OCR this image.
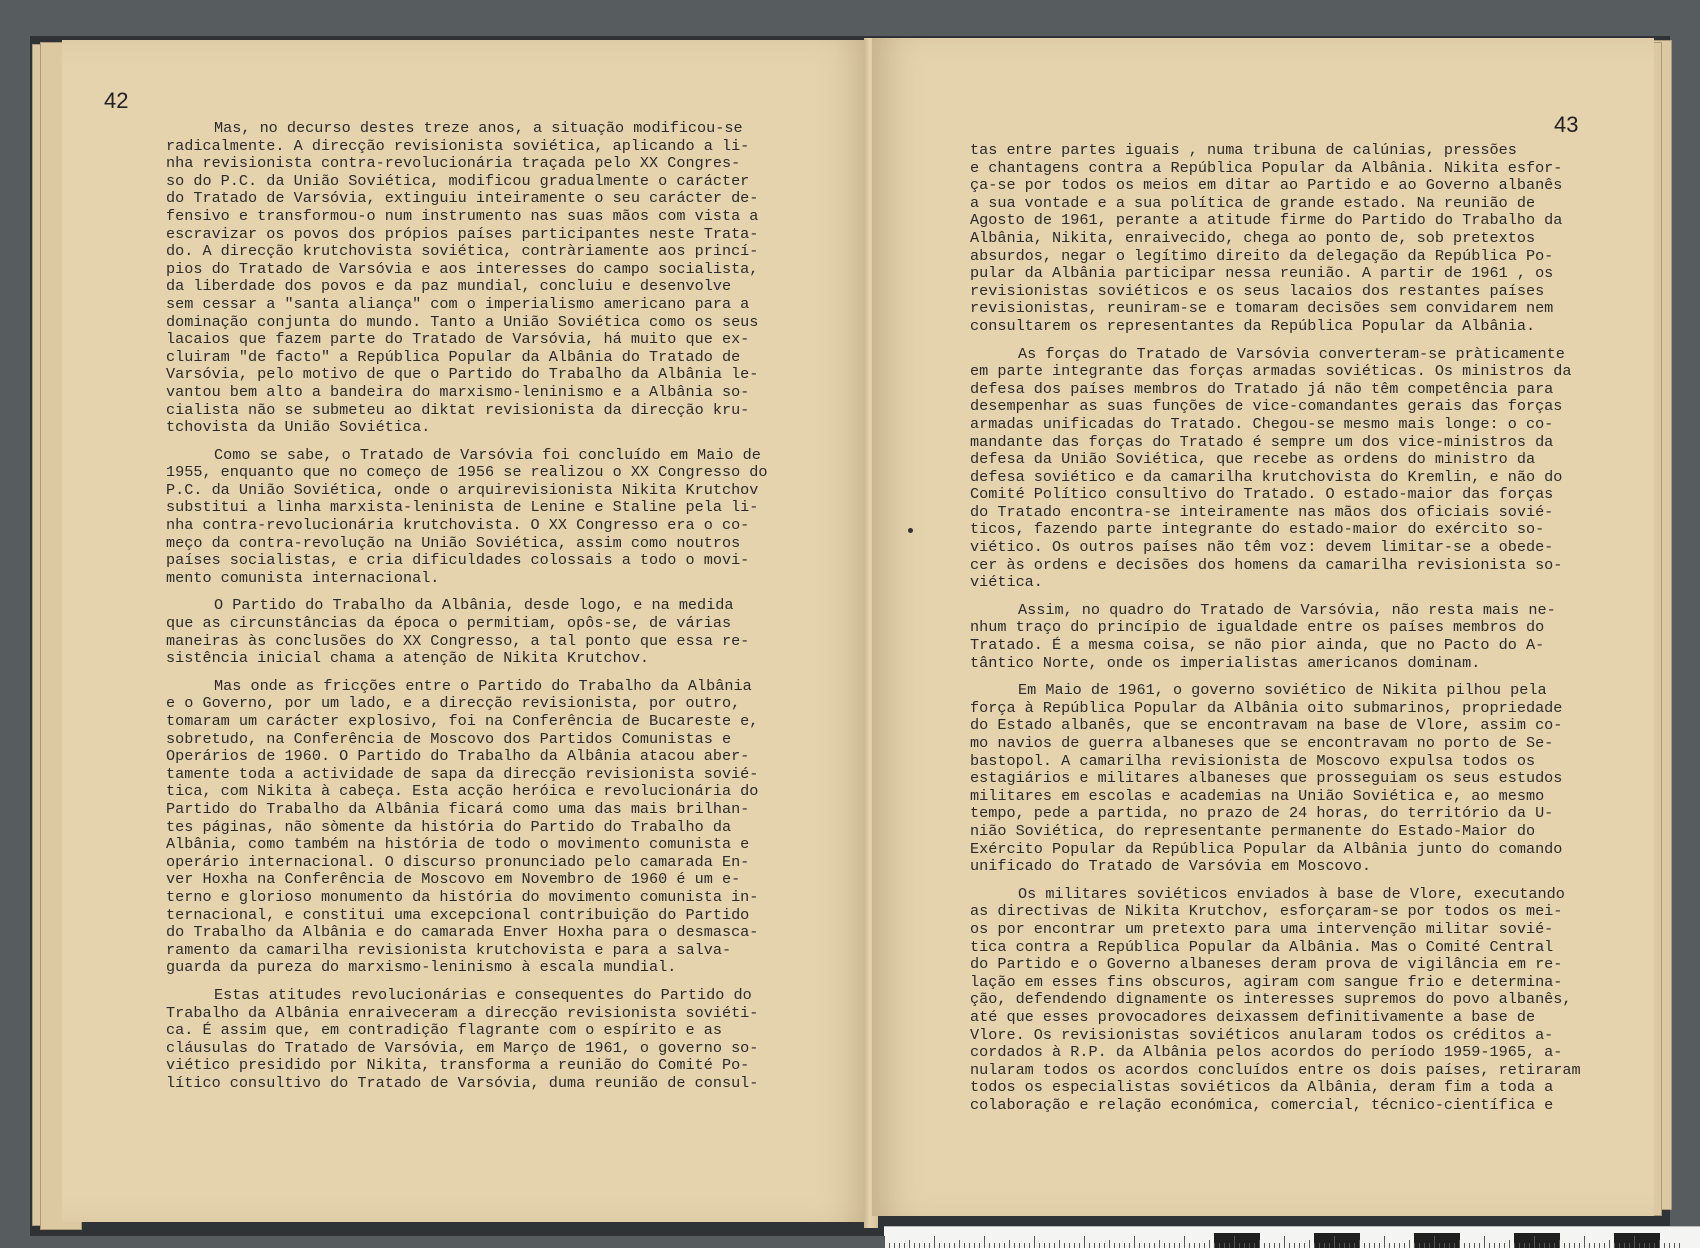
42

Mas, no decurso destes treze anos, a situação modificou-se
radicalmente. A direcção revisionista soviética, aplicando a li-
nha revisionista contra-revolucionária traçada pelo XX Congres-
so do P.C. da União Soviética, modificou gradualmente o carácter
do Tratado de Varsóvia, extinguiu inteiramente o seu carácter de-
fensivo e transformou-o num instrumento nas suas mãos com vista a
escravizar os povos dos própios países participantes neste Trata-
do. A direcção krutchovista soviética, contràriamente aos princí-
pios do Tratado de Varsóvia e aos interesses do campo socialista,
da liberdade dos povos e da paz mundial, concluiu e desenvolve
sem cessar a "santa aliança" com o imperialismo americano para a
dominação conjunta do mundo. Tanto a União Soviética como os seus
lacaios que fazem parte do Tratado de Varsóvia, há muito que ex-
cluiram "de facto" a República Popular da Albânia do Tratado de
Varsóvia, pelo motivo de que o Partido do Trabalho da Albânia le-
vantou bem alto a bandeira do marxismo-leninismo e a Albânia so-
cialista não se submeteu ao diktat revisionista da direcção kru-
tchovista da União Soviética.

Como se sabe, o Tratado de Varsóvia foi concluído em Maio de
1955, enquanto que no começo de 1956 se realizou o XX Congresso do
P.C. da União Soviética, onde o arquirevisionista Nikita Krutchov
substitui a linha marxista-leninista de Lenine e Staline pela li-
nha contra-revolucionária krutchovista. O XX Congresso era o co-
meço da contra-revolução na União Soviética, assim como noutros
países socialistas, e cria dificuldades colossais a todo o movi-
mento comunista internacional.

O Partido do Trabalho da Albânia, desde logo, e na medida
que as circunstâncias da época o permitiam, opôs-se, de várias
maneiras às conclusões do XX Congresso, a tal ponto que essa re-
sistência inicial chama a atenção de Nikita Krutchov.

Mas onde as fricções entre o Partido do Trabalho da Albânia
e o Governo, por um lado, e a direcção revisionista, por outro,
tomaram um carácter explosivo, foi na Conferência de Bucareste e,
sobretudo, na Conferência de Moscovo dos Partidos Comunistas e
Operários de 1960. O Partido do Trabalho da Albânia atacou aber-
tamente toda a actividade de sapa da direcção revisionista sovié-
tica, com Nikita à cabeça. Esta acção heróica e revolucionária do
Partido do Trabalho da Albânia ficará como uma das mais brilhan-
tes páginas, não sòmente da história do Partido do Trabalho da
Albânia, como também na história de todo o movimento comunista e
operário internacional. O discurso pronunciado pelo camarada En-
ver Hoxha na Conferência de Moscovo em Novembro de 1960 é um e-
terno e glorioso monumento da história do movimento comunista in-
ternacional, e constitui uma excepcional contribuição do Partido
do Trabalho da Albânia e do camarada Enver Hoxha para o desmasca-
ramento da camarilha revisionista krutchovista e para a salva-
guarda da pureza do marxismo-leninismo à escala mundial.

Estas atitudes revolucionárias e consequentes do Partido do
Trabalho da Albânia enraiveceram a direcção revisionista soviéti-
ca. É assim que, em contradição flagrante com o espírito e as
cláusulas do Tratado de Varsóvia, em Março de 1961, o governo so-
viético presidido por Nikita, transforma a reunião do Comité Po-
lítico consultivo do Tratado de Varsóvia, duma reunião de consul-

43

tas entre partes iguais , numa tribuna de calúnias, pressões
e chantagens contra a República Popular da Albânia. Nikita esfor-
ça-se por todos os meios em ditar ao Partido e ao Governo albanês
a sua vontade e a sua política de grande estado. Na reunião de
Agosto de 1961, perante a atitude firme do Partido do Trabalho da
Albânia, Nikita, enraivecido, chega ao ponto de, sob pretextos
absurdos, negar o legítimo direito da delegação da República Po-
pular da Albânia participar nessa reunião. A partir de 1961 , os
revisionistas soviéticos e os seus lacaios dos restantes países
revisionistas, reuniram-se e tomaram decisões sem convidarem nem
consultarem os representantes da República Popular da Albânia.

As forças do Tratado de Varsóvia converteram-se pràticamente
em parte integrante das forças armadas soviéticas. Os ministros da
defesa dos países membros do Tratado já não têm competência para
desempenhar as suas funções de vice-comandantes gerais das forças
armadas unificadas do Tratado. Chegou-se mesmo mais longe: o co-
mandante das forças do Tratado é sempre um dos vice-ministros da
defesa da União Soviética, que recebe as ordens do ministro da
defesa soviético e da camarilha krutchovista do Kremlin, e não do
Comité Político consultivo do Tratado. O estado-maior das forças
do Tratado encontra-se inteiramente nas mãos dos oficiais sovié-
ticos, fazendo parte integrante do estado-maior do exército so-
viético. Os outros países não têm voz: devem limitar-se a obede-
cer às ordens e decisões dos homens da camarilha revisionista so-
viética.

Assim, no quadro do Tratado de Varsóvia, não resta mais ne-
nhum traço do princípio de igualdade entre os países membros do
Tratado. É a mesma coisa, se não pior ainda, que no Pacto do A-
tântico Norte, onde os imperialistas americanos dominam.

Em Maio de 1961, o governo soviético de Nikita pilhou pela
força à República Popular da Albânia oito submarinos, propriedade
do Estado albanês, que se encontravam na base de Vlore, assim co-
mo navios de guerra albaneses que se encontravam no porto de Se-
bastopol. A camarilha revisionista de Moscovo expulsa todos os
estagiários e militares albaneses que prosseguiam os seus estudos
militares em escolas e academias na União Soviética e, ao mesmo
tempo, pede a partida, no prazo de 24 horas, do território da U-
nião Soviética, do representante permanente do Estado-Maior do
Exército Popular da República Popular da Albânia junto do comando
unificado do Tratado de Varsóvia em Moscovo.

Os militares soviéticos enviados à base de Vlore, executando
as directivas de Nikita Krutchov, esforçaram-se por todos os mei-
os por encontrar um pretexto para uma intervenção militar sovié-
tica contra a República Popular da Albânia. Mas o Comité Central
do Partido e o Governo albaneses deram prova de vigilância em re-
lação em esses fins obscuros, agiram com sangue frio e determina-
ção, defendendo dignamente os interesses supremos do povo albanês,
até que esses provocadores deixassem definitivamente a base de
Vlore. Os revisionistas soviéticos anularam todos os créditos a-
cordados à R.P. da Albânia pelos acordos do período 1959-1965, a-
nularam todos os acordos concluídos entre os dois países, retiraram
todos os especialistas soviéticos da Albânia, deram fim a toda a
colaboração e relação económica, comercial, técnico-científica e
